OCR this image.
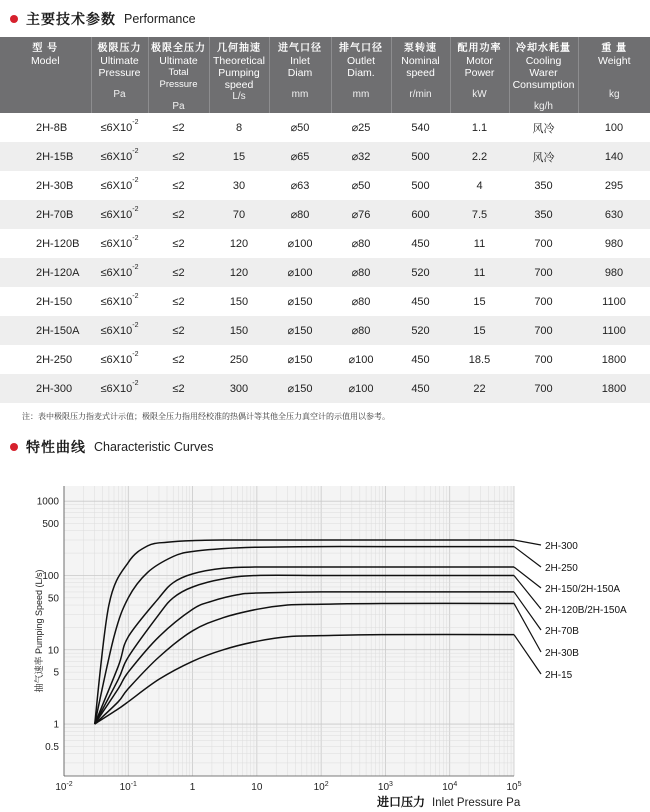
主要技术参数 Performance
型 号
Model	极限压力
Ultimate
Pressure
Pa	极限全压力
Ultimate
Total Pressure
Pa	几何抽速
Theoretical
Pumping
speed
L/s	进气口径
Inlet
Diam
mm	排气口径
Outlet
Diam.
mm	泵转速
Nominal
speed
r/min	配用功率
Motor
Power
kW	冷却水耗量
Cooling Warer
Consumption
kg/h	重 量
Weight
kg

2H-8B	$\le 6X10^{-2}$	≤2	8	⌀50	⌀25	540	1.1	风冷	100
2H-15B	$\le 6X10^{-2}$	≤2	15	⌀65	⌀32	500	2.2	风冷	140
2H-30B	$\le 6X10^{-2}$	≤2	30	⌀63	⌀50	500	4	350	295
2H-70B	$\le 6X10^{-2}$	≤2	70	⌀80	⌀76	600	7.5	350	630
2H-120B	$\le 6X10^{-2}$	≤2	120	⌀100	⌀80	450	11	700	980
2H-120A	$\le 6X10^{-2}$	≤2	120	⌀100	⌀80	520	11	700	980
2H-150	$\le 6X10^{-2}$	≤2	150	⌀150	⌀80	450	15	700	1100
2H-150A	$\le 6X10^{-2}$	≤2	150	⌀150	⌀80	520	15	700	1100
2H-250	$\le 6X10^{-2}$	≤2	250	⌀150	⌀100	450	18.5	700	1800
2H-300	$\le 6X10^{-2}$	≤2	300	⌀150	⌀100	450	22	700	1800
注：表中极限压力指麦式计示值；极限全压力指用经校准的热偶计等其他全压力真空计的示值用以参考。
特性曲线 Characteristic Curves
1000
500
100
50
10
5
1
0.5
$10^{-2}$	$10^{-1}$	1	10	$10^2$	$10^3$	$10^4$	$10^5$
2H-300
2H-250
2H-150/2H-150A
2H-120B/2H-150A
2H-70B
2H-30B
2H-15
抽气速率 Pumping Speed (L/s)
进口压力 Inlet Pressure Pa
